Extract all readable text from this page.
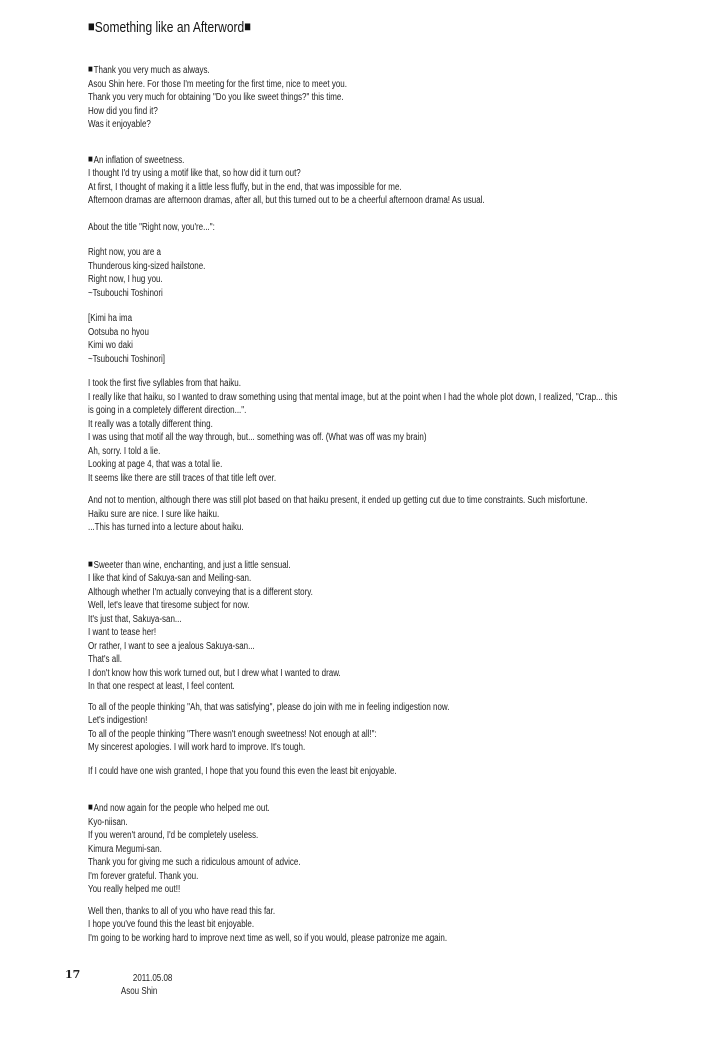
■Something like an Afterword■
■Thank you very much as always.
Asou Shin here. For those I'm meeting for the first time, nice to meet you.
Thank you very much for obtaining "Do you like sweet things?" this time.
How did you find it?
Was it enjoyable?
■An inflation of sweetness.
I thought I'd try using a motif like that, so how did it turn out?
At first, I thought of making it a little less fluffy, but in the end, that was impossible for me.
Afternoon dramas are afternoon dramas, after all, but this turned out to be a cheerful afternoon drama! As usual.
About the title "Right now, you're...":
Right now, you are a
Thunderous king-sized hailstone.
Right now, I hug you.
~Tsubouchi Toshinori
[Kimi ha ima
Ootsuba no hyou
Kimi wo daki
~Tsubouchi Toshinori]
I took the first five syllables from that haiku.
I really like that haiku, so I wanted to draw something using that mental image, but at the point when I had the whole plot down, I realized, "Crap... this
is going in a completely different direction...".
It really was a totally different thing.
I was using that motif all the way through, but... something was off. (What was off was my brain)
Ah, sorry. I told a lie.
Looking at page 4, that was a total lie.
It seems like there are still traces of that title left over.
And not to mention, although there was still plot based on that haiku present, it ended up getting cut due to time constraints. Such misfortune.
Haiku sure are nice. I sure like haiku.
...This has turned into a lecture about haiku.
■Sweeter than wine, enchanting, and just a little sensual.
I like that kind of Sakuya-san and Meiling-san.
Although whether I'm actually conveying that is a different story.
Well, let's leave that tiresome subject for now.
It's just that, Sakuya-san...
I want to tease her!
Or rather, I want to see a jealous Sakuya-san...
That's all.
I don't know how this work turned out, but I drew what I wanted to draw.
In that one respect at least, I feel content.
To all of the people thinking "Ah, that was satisfying", please do join with me in feeling indigestion now.
Let's indigestion!
To all of the people thinking "There wasn't enough sweetness! Not enough at all!":
My sincerest apologies. I will work hard to improve. It's tough.
If I could have one wish granted, I hope that you found this even the least bit enjoyable.
■And now again for the people who helped me out.
Kyo-niisan.
If you weren't around, I'd be completely useless.
Kimura Megumi-san.
Thank you for giving me such a ridiculous amount of advice.
I'm forever grateful. Thank you.
You really helped me out!!
Well then, thanks to all of you who have read this far.
I hope you've found this the least bit enjoyable.
I'm going to be working hard to improve next time as well, so if you would, please patronize me again.

2011.05.08
Asou Shin

17
